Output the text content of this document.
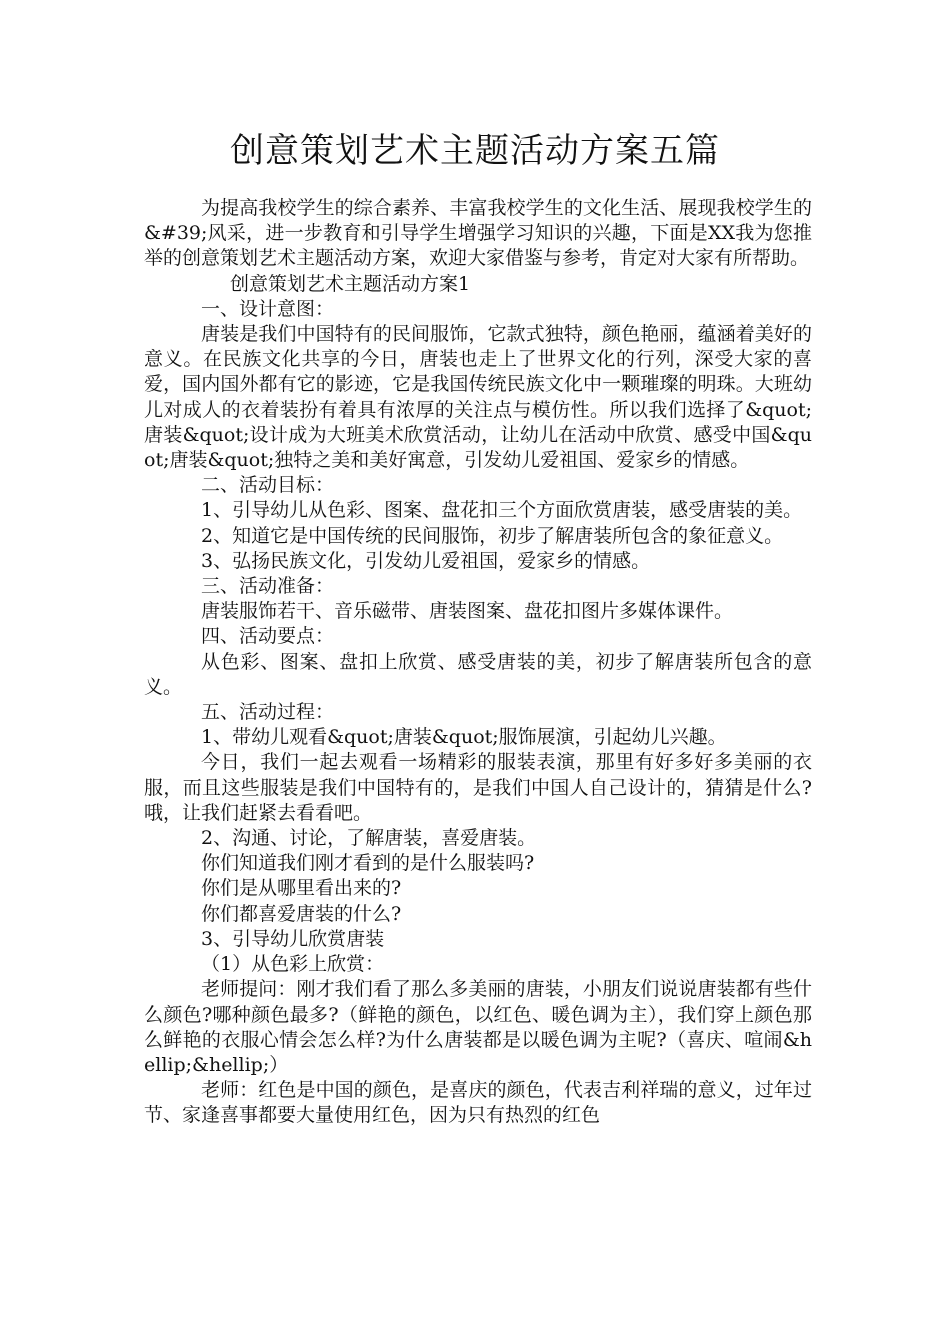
创意策划艺术主题活动方案五篇

为提高我校学生的综合素养、丰富我校学生的文化生活、展现我校学生的&#39;风采，进一步教育和引导学生增强学习知识的兴趣，下面是XX我为您推举的创意策划艺术主题活动方案，欢迎大家借鉴与参考，肯定对大家有所帮助。

创意策划艺术主题活动方案1

一、设计意图：

唐装是我们中国特有的民间服饰，它款式独特，颜色艳丽，蕴涵着美好的意义。在民族文化共享的今日，唐装也走上了世界文化的行列，深受大家的喜爱，国内国外都有它的影迹，它是我国传统民族文化中一颗璀璨的明珠。大班幼儿对成人的衣着装扮有着具有浓厚的关注点与模仿性。所以我们选择了&quot;唐装&quot;设计成为大班美术欣赏活动，让幼儿在活动中欣赏、感受中国&quot;唐装&quot;独特之美和美好寓意，引发幼儿爱祖国、爱家乡的情感。

二、活动目标：

1、引导幼儿从色彩、图案、盘花扣三个方面欣赏唐装，感受唐装的美。

2、知道它是中国传统的民间服饰，初步了解唐装所包含的象征意义。

3、弘扬民族文化，引发幼儿爱祖国，爱家乡的情感。

三、活动准备：

唐装服饰若干、音乐磁带、唐装图案、盘花扣图片多媒体课件。

四、活动要点：

从色彩、图案、盘扣上欣赏、感受唐装的美，初步了解唐装所包含的意义。

五、活动过程：

1、带幼儿观看&quot;唐装&quot;服饰展演，引起幼儿兴趣。

今日，我们一起去观看一场精彩的服装表演，那里有好多好多美丽的衣服，而且这些服装是我们中国特有的，是我们中国人自己设计的，猜猜是什么?哦，让我们赶紧去看看吧。

2、沟通、讨论，了解唐装，喜爱唐装。

你们知道我们刚才看到的是什么服装吗?

你们是从哪里看出来的?

你们都喜爱唐装的什么?

3、引导幼儿欣赏唐装

（1）从色彩上欣赏：

老师提问：刚才我们看了那么多美丽的唐装，小朋友们说说唐装都有些什么颜色?哪种颜色最多?（鲜艳的颜色，以红色、暖色调为主），我们穿上颜色那么鲜艳的衣服心情会怎么样?为什么唐装都是以暖色调为主呢?（喜庆、喧闹&hellip;&hellip;）

老师：红色是中国的颜色，是喜庆的颜色，代表吉利祥瑞的意义，过年过节、家逢喜事都要大量使用红色，因为只有热烈的红色
